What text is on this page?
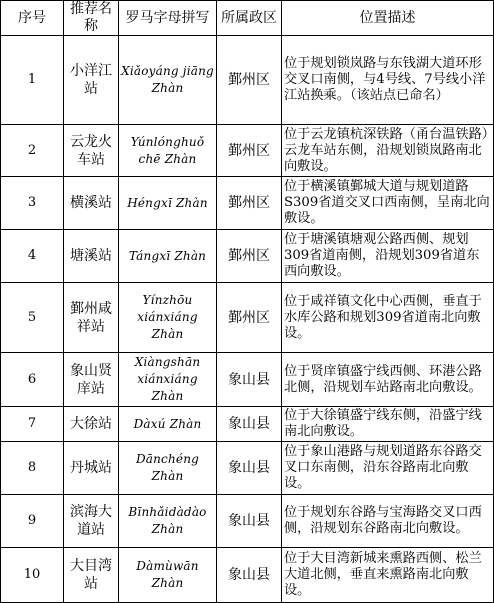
序号	推荐名称	罗马字母拼写	所属政区	位置描述
1	小洋江站	Xiǎoyáng jiāng Zhàn	鄞州区	位于规划锁岚路与东钱湖大道环形交叉口南侧，与4号线、7号线小洋江站换乘。（该站点已命名）
2	云龙火车站	Yúnlónghuǒ chē Zhàn	鄞州区	位于云龙镇杭深铁路（甬台温铁路）云龙车站东侧，沿规划锁岚路南北向敷设。
3	横溪站	Héngxī Zhàn	鄞州区	位于横溪镇鄞城大道与规划道路S309省道交叉口西南侧，呈南北向敷设。
4	塘溪站	Tángxī Zhàn	鄞州区	位于塘溪镇塘观公路西侧、规划309省道南侧，沿规划309省道东西向敷设。
5	鄞州咸祥站	Yínzhōu xiánxiáng Zhàn	鄞州区	位于咸祥镇文化中心西侧，垂直于水库公路和规划309省道南北向敷设。
6	象山贤庠站	Xiàngshān xiánxiáng Zhàn	象山县	位于贤庠镇盛宁线西侧、环港公路北侧，沿规划车站路南北向敷设。
7	大徐站	Dàxú Zhàn	象山县	位于大徐镇盛宁线东侧，沿盛宁线南北向敷设。
8	丹城站	Dānchéng Zhàn	象山县	位于象山港路与规划道路东谷路交叉口东南侧，沿东谷路南北向敷设。
9	滨海大道站	Bīnhǎidàdào Zhàn	象山县	位于规划东谷路与宝海路交叉口西侧，沿规划东谷路南北向敷设。
10	大目湾站	Dàmùwān Zhàn	象山县	位于大目湾新城来熏路西侧、松兰大道北侧，垂直来熏路南北向敷设。
